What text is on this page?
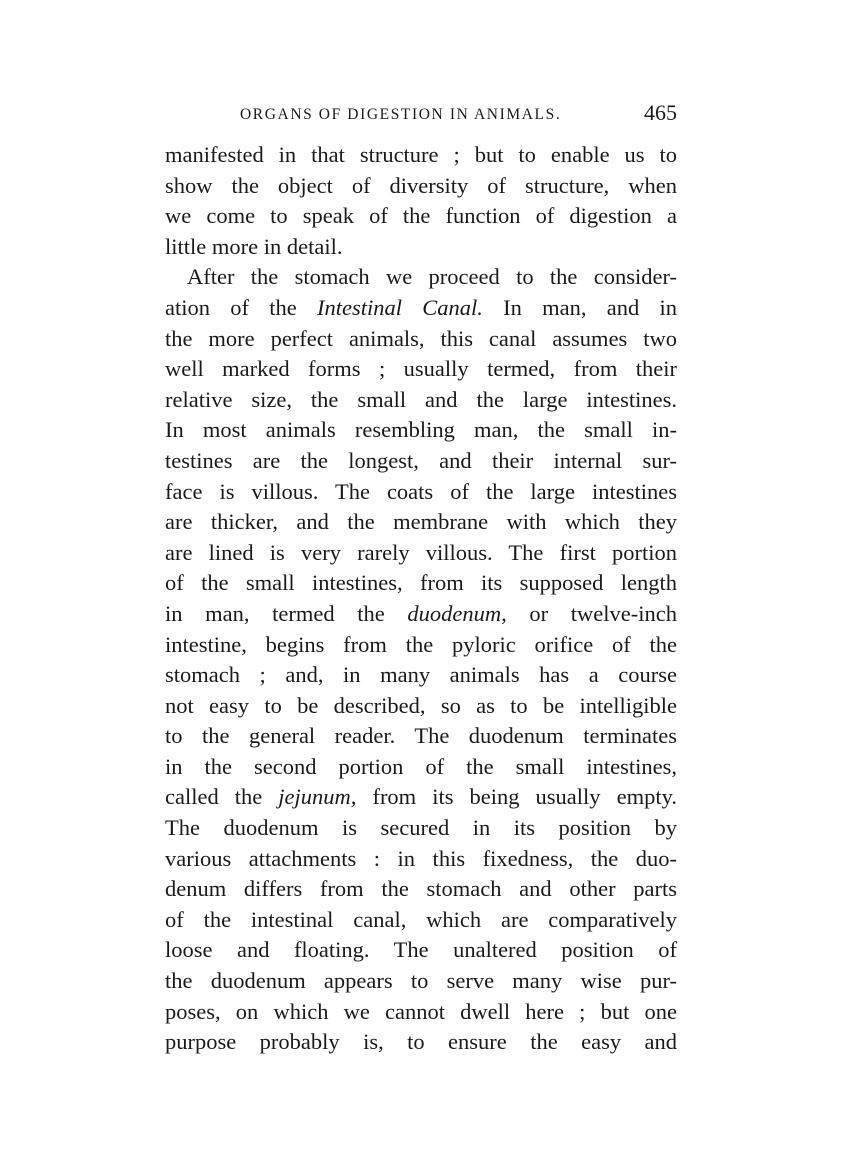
ORGANS OF DIGESTION IN ANIMALS.	465
manifested in that structure ; but to enable us to
show the object of diversity of structure, when
we come to speak of the function of digestion a
little more in detail.
After the stomach we proceed to the consider-
ation of the Intestinal Canal. In man, and in
the more perfect animals, this canal assumes two
well marked forms ; usually termed, from their
relative size, the small and the large intestines.
In most animals resembling man, the small in-
testines are the longest, and their internal sur-
face is villous. The coats of the large intestines
are thicker, and the membrane with which they
are lined is very rarely villous. The first portion
of the small intestines, from its supposed length
in man, termed the duodenum, or twelve-inch
intestine, begins from the pyloric orifice of the
stomach ; and, in many animals has a course
not easy to be described, so as to be intelligible
to the general reader. The duodenum terminates
in the second portion of the small intestines,
called the jejunum, from its being usually empty.
The duodenum is secured in its position by
various attachments : in this fixedness, the duo-
denum differs from the stomach and other parts
of the intestinal canal, which are comparatively
loose and floating. The unaltered position of
the duodenum appears to serve many wise pur-
poses, on which we cannot dwell here ; but one
purpose probably is, to ensure the easy and
